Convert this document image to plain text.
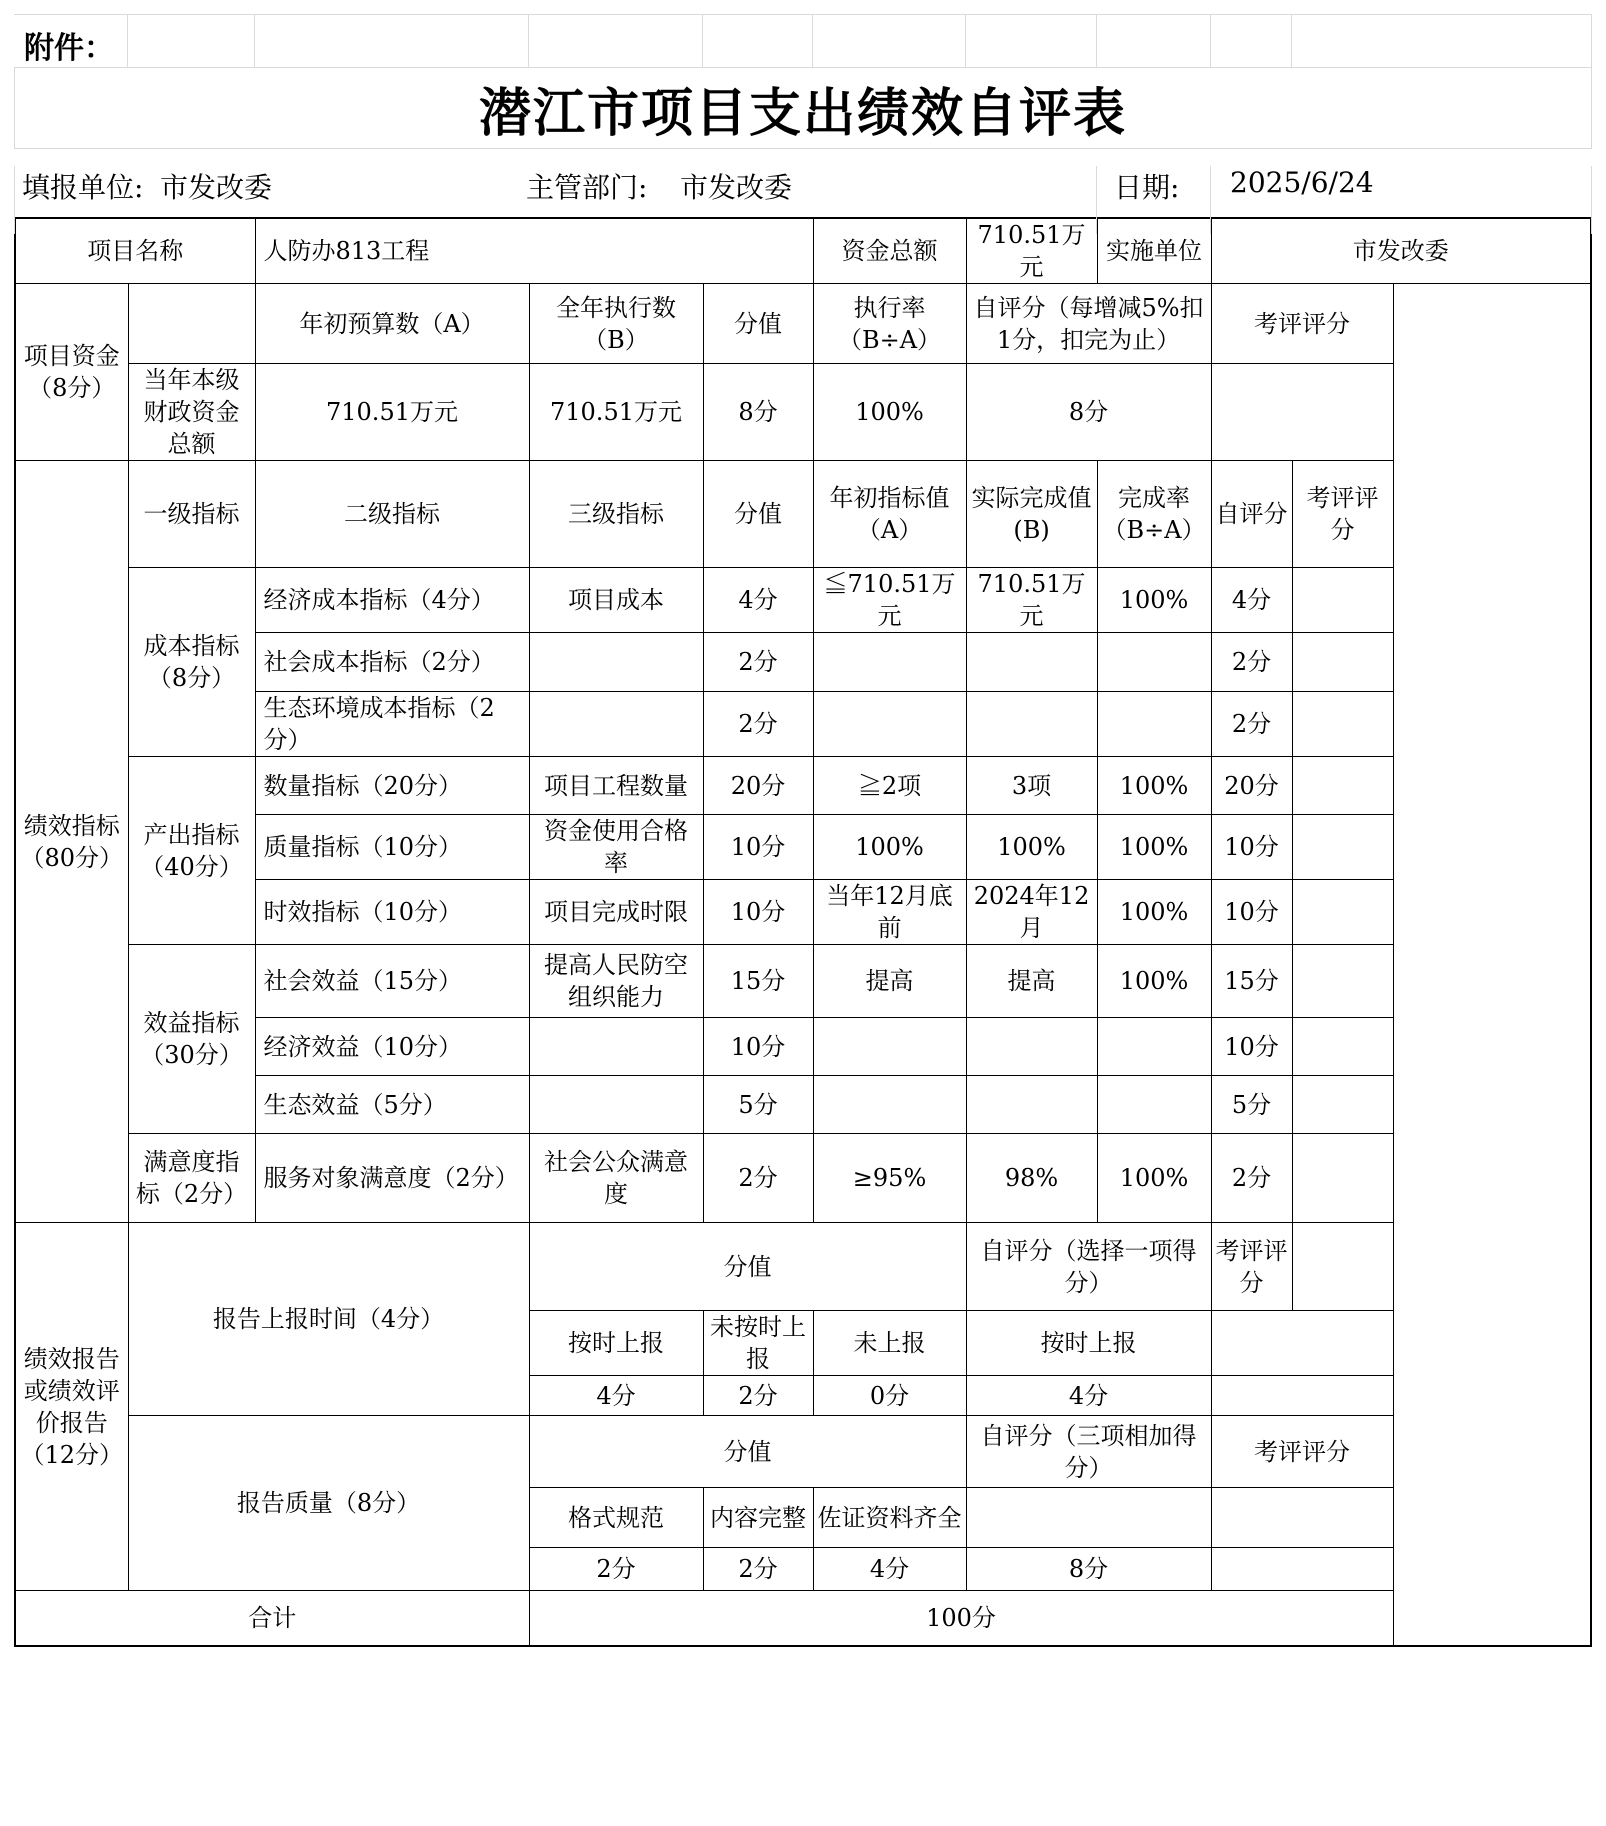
附件：
潜江市项目支出绩效自评表
填报单位: 市发改委	主管部门: 市发改委	日期: 2025/6/24
项目名称		人防办813工程			资金总额	710.51万元	实施单位	市发改委	
项目资金（8分）		年初预算数（A）	全年执行数（B）	分值	执行率（B÷A）	自评分（每增减5%扣1分，扣完为止）		考评评分	
	当年本级财政资金总额	710.51万元	710.51万元	8分	100%	8分			
绩效指标（80分）	一级指标	二级指标	三级指标	分值	年初指标值（A）	实际完成值(B)	完成率（B÷A）	自评分	考评评分
	成本指标（8分）	经济成本指标（4分）	项目成本	4分	≦710.51万元	710.51万元	100%	4分	
		社会成本指标（2分）		2分				2分	
		生态环境成本指标（2分）		2分				2分	
	产出指标（40分）	数量指标（20分）	项目工程数量	20分	≧2项	3项	100%	20分	
		质量指标（10分）	资金使用合格率	10分	100%	100%	100%	10分	
		时效指标（10分）	项目完成时限	10分	当年12月底前	2024年12月	100%	10分	
	效益指标（30分）	社会效益（15分）	提高人民防空组织能力	15分	提高	提高	100%	15分	
		经济效益（10分）		10分				10分	
		生态效益（5分）		5分				5分	
	满意度指标（2分）	服务对象满意度（2分）	社会公众满意度	2分	≥95%	98%	100%	2分	
绩效报告或绩效评价报告（12分）	报告上报时间（4分）		分值			自评分（选择一项得分）		考评评分	
			按时上报	未按时上报	未上报	按时上报			
			4分	2分	0分	4分			
	报告质量（8分）		分值			自评分（三项相加得分）		考评评分	
			格式规范	内容完整	佐证资料齐全				
			2分	2分	4分	8分			
合计			100分						
